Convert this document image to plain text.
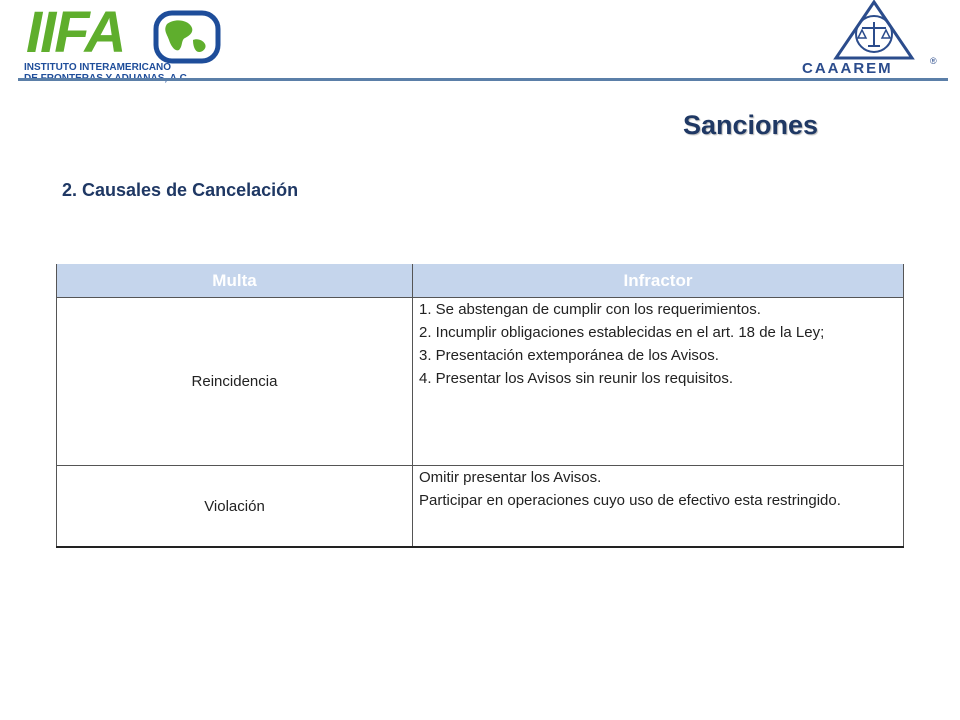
IIFA
INSTITUTO INTERAMERICANO	CAAAREM	®
Sanciones
2. Causales de Cancelación
Multa	Infractor
Reincidencia	1. Se abstengan de cumplir con los requerimientos.
2. Incumplir obligaciones establecidas en el art. 18 de la Ley;
3. Presentación extemporánea de los Avisos.
4. Presentar los Avisos sin reunir los requisitos.

Violación	Omitir presentar los Avisos.
Participar en operaciones cuyo uso de efectivo esta restringido.
